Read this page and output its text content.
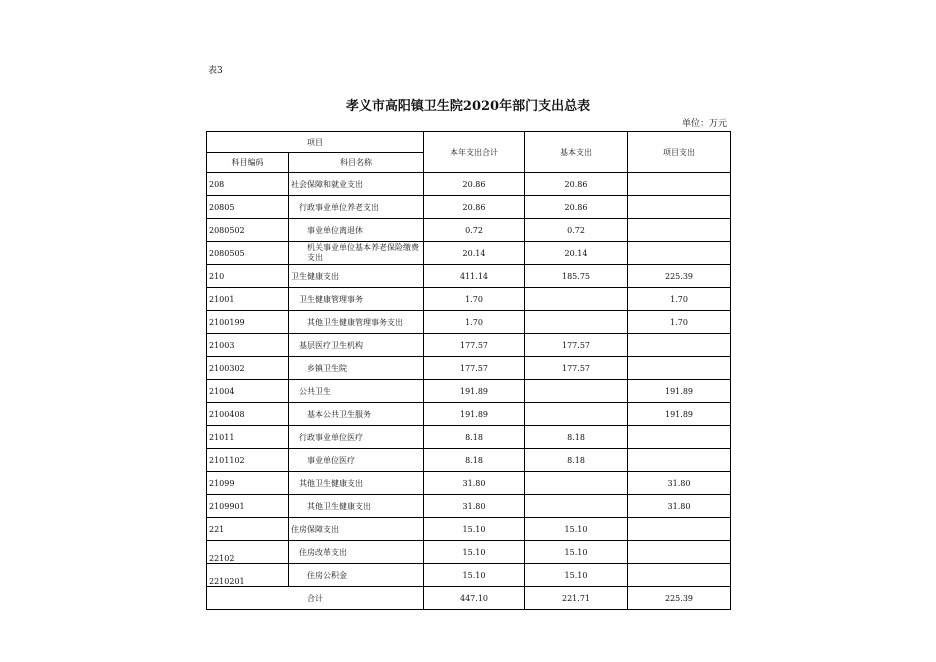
表3
孝义市高阳镇卫生院2020年部门支出总表
单位：万元
项目		本年支出合计	基本支出	项目支出
科目编码	科目名称			
208	社会保障和就业支出	20.86	20.86	
20805	行政事业单位养老支出	20.86	20.86	
2080502	事业单位离退休	0.72	0.72	
2080505	机关事业单位基本养老保险缴费支出	20.14	20.14	
210	卫生健康支出	411.14	185.75	225.39
21001	卫生健康管理事务	1.70		1.70
2100199	其他卫生健康管理事务支出	1.70		1.70
21003	基层医疗卫生机构	177.57	177.57	
2100302	乡镇卫生院	177.57	177.57	
21004	公共卫生	191.89		191.89
2100408	基本公共卫生服务	191.89		191.89
21011	行政事业单位医疗	8.18	8.18	
2101102	事业单位医疗	8.18	8.18	
21099	其他卫生健康支出	31.80		31.80
2109901	其他卫生健康支出	31.80		31.80
221	住房保障支出	15.10	15.10	
22102	住房改革支出	15.10	15.10	
2210201	住房公积金	15.10	15.10	
合计		447.10	221.71	225.39
